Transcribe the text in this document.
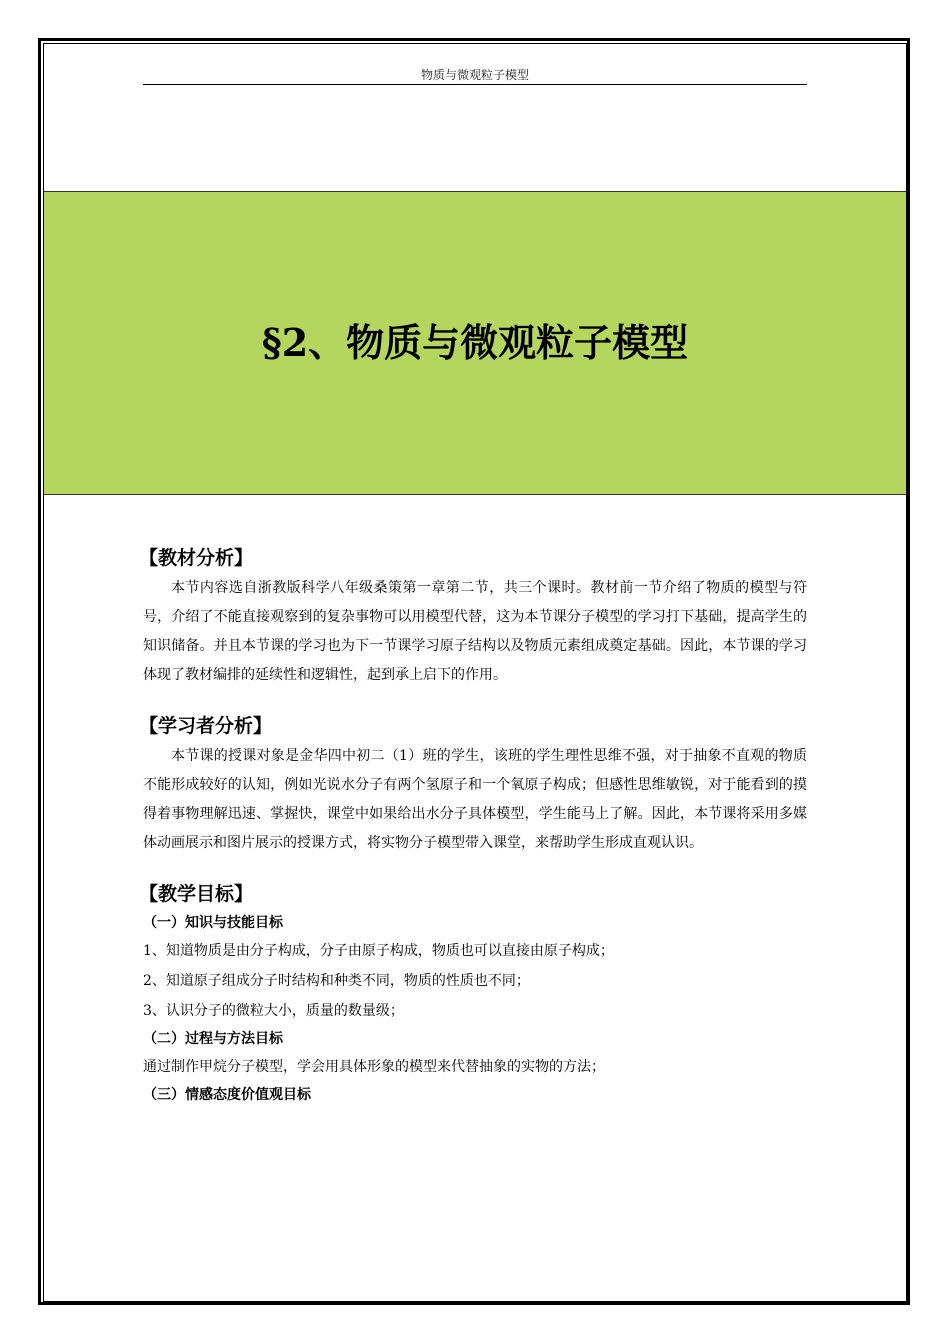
物质与微观粒子模型
§2、物质与微观粒子模型
【教材分析】

本节内容选自浙教版科学八年级桑策第一章第二节，共三个课时。教材前一节介绍了物质的模型与符号，介绍了不能直接观察到的复杂事物可以用模型代替，这为本节课分子模型的学习打下基础，提高学生的知识储备。并且本节课的学习也为下一节课学习原子结构以及物质元素组成奠定基础。因此，本节课的学习体现了教材编排的延续性和逻辑性，起到承上启下的作用。

【学习者分析】

本节课的授课对象是金华四中初二（1）班的学生，该班的学生理性思维不强，对于抽象不直观的物质不能形成较好的认知，例如光说水分子有两个氢原子和一个氧原子构成；但感性思维敏锐，对于能看到的摸得着事物理解迅速、掌握快，课堂中如果给出水分子具体模型，学生能马上了解。因此，本节课将采用多媒体动画展示和图片展示的授课方式，将实物分子模型带入课堂，来帮助学生形成直观认识。

【教学目标】

（一）知识与技能目标

1、知道物质是由分子构成，分子由原子构成，物质也可以直接由原子构成；

2、知道原子组成分子时结构和种类不同，物质的性质也不同；

3、认识分子的微粒大小，质量的数量级；

（二）过程与方法目标

通过制作甲烷分子模型，学会用具体形象的模型来代替抽象的实物的方法；

（三）情感态度价值观目标
